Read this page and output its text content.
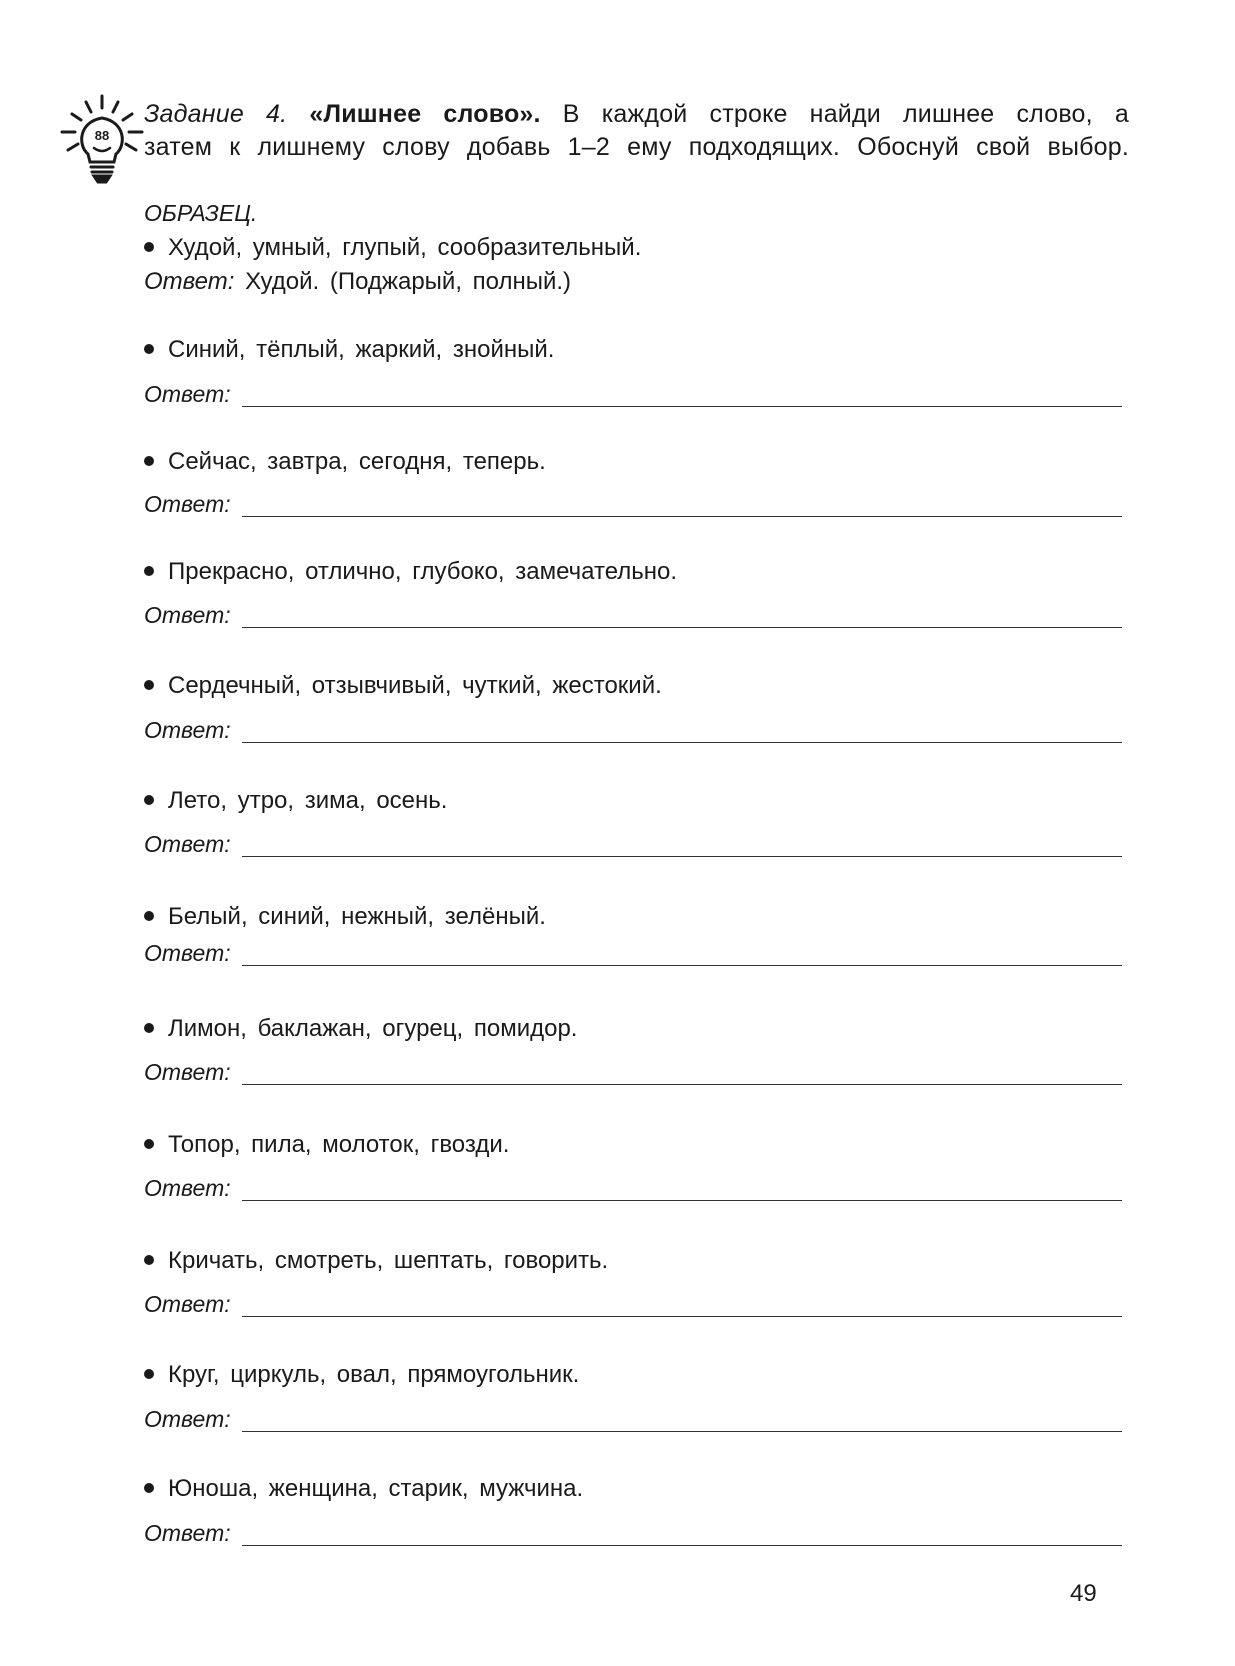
88
Задание 4. «Лишнее слово». В каждой строке найди лишнее слово, а
затем к лишнему слову добавь 1–2 ему подходящих. Обоснуй свой выбор.
ОБРАЗЕЦ.
Худой, умный, глупый, сообразительный.
Ответ: Худой. (Поджарый, полный.)
Синий, тёплый, жаркий, знойный.
Ответ:
Сейчас, завтра, сегодня, теперь.
Ответ:
Прекрасно, отлично, глубоко, замечательно.
Ответ:
Сердечный, отзывчивый, чуткий, жестокий.
Ответ:
Лето, утро, зима, осень.
Ответ:
Белый, синий, нежный, зелёный.
Ответ:
Лимон, баклажан, огурец, помидор.
Ответ:
Топор, пила, молоток, гвозди.
Ответ:
Кричать, смотреть, шептать, говорить.
Ответ:
Круг, циркуль, овал, прямоугольник.
Ответ:
Юноша, женщина, старик, мужчина.
Ответ:
49
